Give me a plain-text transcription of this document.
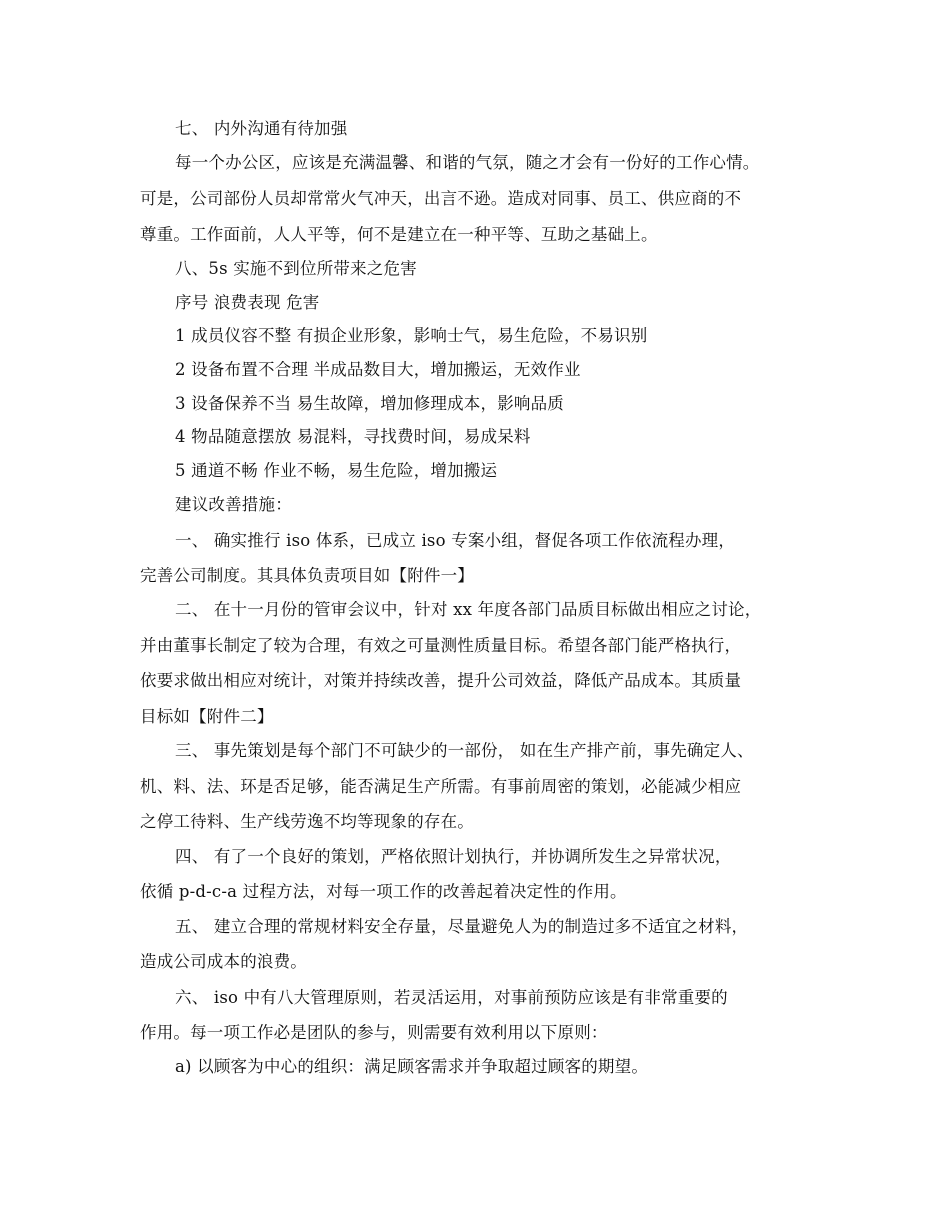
七、 内外沟通有待加强
每一个办公区，应该是充满温馨、和谐的气氛，随之才会有一份好的工作心情。
可是，公司部份人员却常常火气冲天，出言不逊。造成对同事、员工、供应商的不
尊重。工作面前，人人平等，何不是建立在一种平等、互助之基础上。
八、5s 实施不到位所带来之危害
序号 浪费表现 危害
1 成员仪容不整 有损企业形象，影响士气，易生危险，不易识别
2 设备布置不合理 半成品数目大，增加搬运，无效作业
3 设备保养不当 易生故障，增加修理成本，影响品质
4 物品随意摆放 易混料，寻找费时间，易成呆料
5 通道不畅 作业不畅，易生危险，增加搬运
建议改善措施：
一、 确实推行 iso 体系，已成立 iso 专案小组，督促各项工作依流程办理，
完善公司制度。其具体负责项目如【附件一】
二、 在十一月份的管审会议中，针对 xx 年度各部门品质目标做出相应之讨论，
并由董事长制定了较为合理，有效之可量测性质量目标。希望各部门能严格执行，
依要求做出相应对统计，对策并持续改善，提升公司效益，降低产品成本。其质量
目标如【附件二】
三、 事先策划是每个部门不可缺少的一部份， 如在生产排产前，事先确定人、
机、料、法、环是否足够，能否满足生产所需。有事前周密的策划，必能减少相应
之停工待料、生产线劳逸不均等现象的存在。
四、 有了一个良好的策划，严格依照计划执行，并协调所发生之异常状况，
依循 p-d-c-a 过程方法，对每一项工作的改善起着决定性的作用。
五、 建立合理的常规材料安全存量，尽量避免人为的制造过多不适宜之材料，
造成公司成本的浪费。
六、 iso 中有八大管理原则，若灵活运用，对事前预防应该是有非常重要的
作用。每一项工作必是团队的参与，则需要有效利用以下原则：
a) 以顾客为中心的组织：满足顾客需求并争取超过顾客的期望。
